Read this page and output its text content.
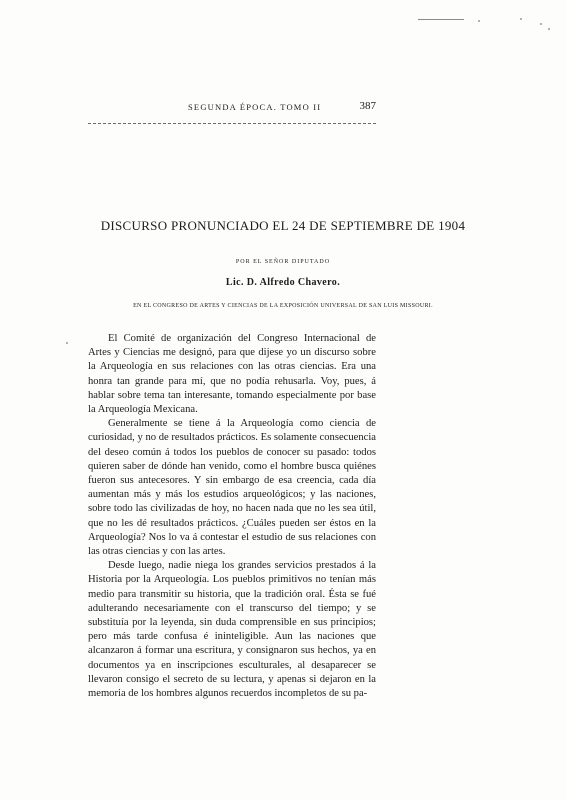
SEGUNDA ÉPOCA. TOMO II	387
DISCURSO PRONUNCIADO EL 24 DE SEPTIEMBRE DE 1904
POR EL SEÑOR DIPUTADO
Lic. D. Alfredo Chavero.
EN EL CONGRESO DE ARTES Y CIENCIAS DE LA EXPOSICIÓN UNIVERSAL DE SAN LUIS MISSOURI.

El Comité de organización del Congreso Internacional de Artes y Ciencias me designó, para que dijese yo un discurso sobre la Arqueología en sus relaciones con las otras ciencias. Era una honra tan grande para mí, que no podía rehusarla. Voy, pues, á hablar sobre tema tan interesante, tomando especialmente por base la Arqueología Mexicana.

Generalmente se tiene á la Arqueología como ciencia de curiosidad, y no de resultados prácticos. Es solamente consecuencia del deseo común á todos los pueblos de conocer su pasado: todos quieren saber de dónde han venido, como el hombre busca quiénes fueron sus antecesores. Y sin embargo de esa creencia, cada día aumentan más y más los estudios arqueológicos; y las naciones, sobre todo las civilizadas de hoy, no hacen nada que no les sea útil, que no les dé resultados prácticos. ¿Cuáles pueden ser éstos en la Arqueología? Nos lo va á contestar el estudio de sus relaciones con las otras ciencias y con las artes.

Desde luego, nadie niega los grandes servicios prestados á la Historia por la Arqueología. Los pueblos primitivos no tenían más medio para transmitir su historia, que la tradición oral. Ésta se fué adulterando necesariamente con el transcurso del tiempo; y se substituía por la leyenda, sin duda comprensible en sus principios; pero más tarde confusa é ininteligible. Aun las naciones que alcanzaron á formar una escritura, y consignaron sus hechos, ya en documentos ya en inscripciones esculturales, al desaparecer se llevaron consigo el secreto de su lectura, y apenas si dejaron en la memoria de los hombres algunos recuerdos incompletos de su pa-
